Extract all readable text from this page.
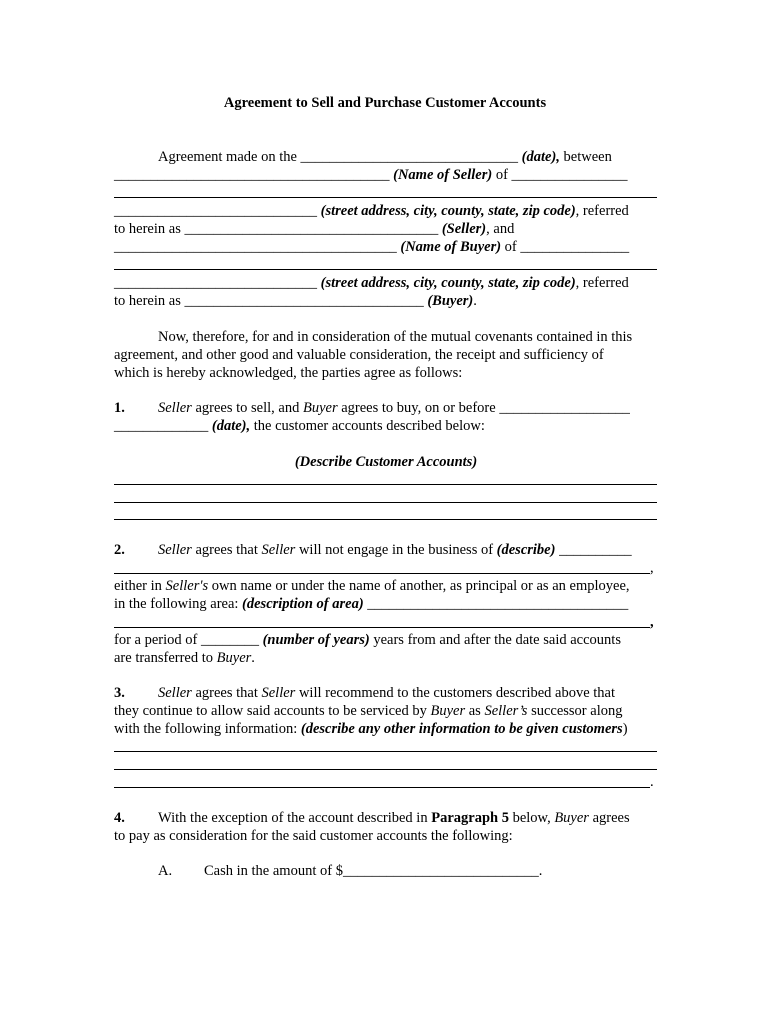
Agreement to Sell and Purchase Customer Accounts
Agreement made on the ______________________________ (date), between
______________________________________ (Name of Seller) of ________________
____________________________ (street address, city, county, state, zip code), referred
to herein as ___________________________________ (Seller), and
_______________________________________ (Name of Buyer) of _______________
____________________________ (street address, city, county, state, zip code), referred
to herein as _________________________________ (Buyer).
Now, therefore, for and in consideration of the mutual covenants contained in this
agreement, and other good and valuable consideration, the receipt and sufficiency of
which is hereby acknowledged, the parties agree as follows:
1. Seller agrees to sell, and Buyer agrees to buy, on or before __________________
_____________ (date), the customer accounts described below:
(Describe Customer Accounts)
2. Seller agrees that Seller will not engage in the business of (describe) __________
,
either in Seller's own name or under the name of another, as principal or as an employee,
in the following area: (description of area) ____________________________________
,
for a period of ________ (number of years) years from and after the date said accounts
are transferred to Buyer.
3. Seller agrees that Seller will recommend to the customers described above that
they continue to allow said accounts to be serviced by Buyer as Seller’s successor along
with the following information: (describe any other information to be given customers)
.
4. With the exception of the account described in Paragraph 5 below, Buyer agrees
to pay as consideration for the said customer accounts the following:
A. Cash in the amount of $___________________________.
